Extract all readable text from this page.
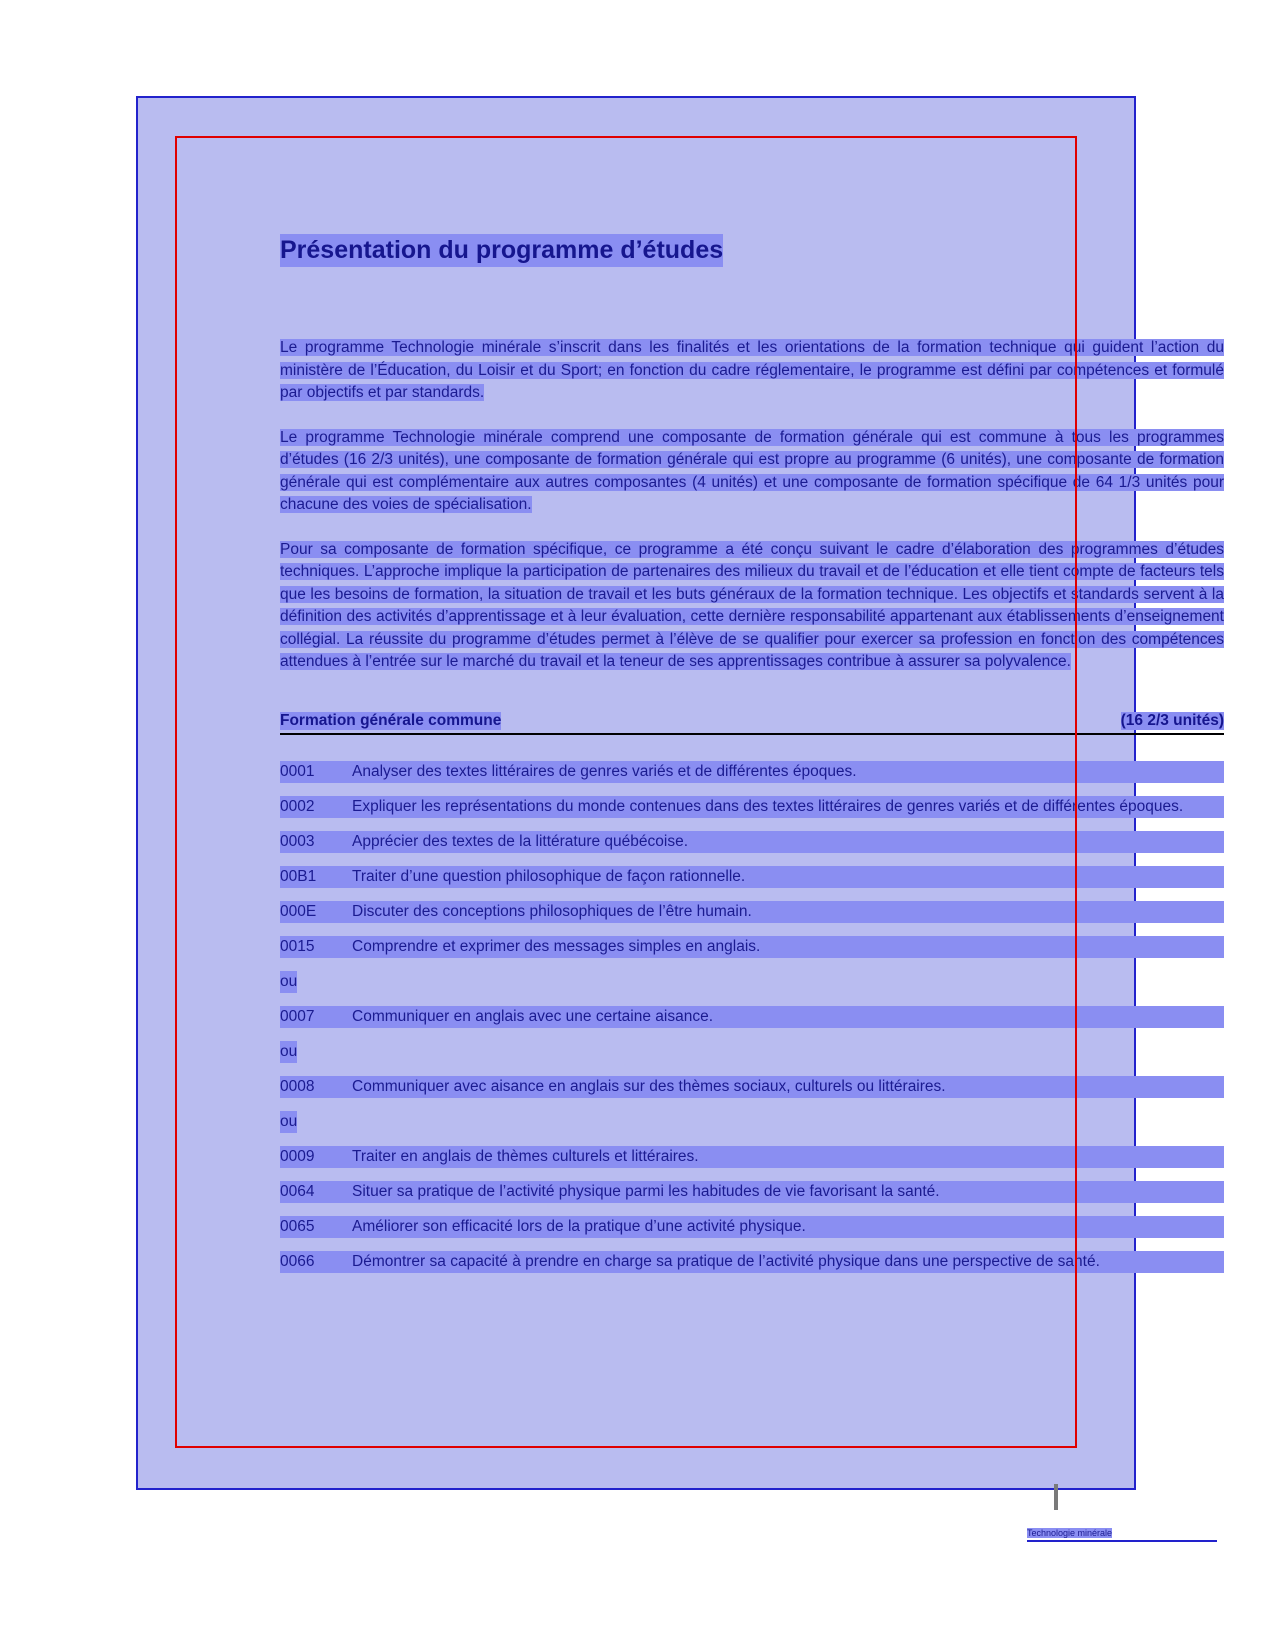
Présentation du programme d’études

Le programme Technologie minérale s’inscrit dans les finalités et les orientations de la formation technique qui guident l’action du ministère de l’Éducation, du Loisir et du Sport; en fonction du cadre réglementaire, le programme est défini par compétences et formulé par objectifs et par standards.

Le programme Technologie minérale comprend une composante de formation générale qui est commune à tous les programmes d’études (16 2/3 unités), une composante de formation générale qui est propre au programme (6 unités), une composante de formation générale qui est complémentaire aux autres composantes (4 unités) et une composante de formation spécifique de 64 1/3 unités pour chacune des voies de spécialisation.

Pour sa composante de formation spécifique, ce programme a été conçu suivant le cadre d’élaboration des programmes d’études techniques. L’approche implique la participation de partenaires des milieux du travail et de l’éducation et elle tient compte de facteurs tels que les besoins de formation, la situation de travail et les buts généraux de la formation technique. Les objectifs et standards servent à la définition des activités d’apprentissage et à leur évaluation, cette dernière responsabilité appartenant aux établissements d’enseignement collégial. La réussite du programme d’études permet à l’élève de se qualifier pour exercer sa profession en fonction des compétences attendues à l’entrée sur le marché du travail et la teneur de ses apprentissages contribue à assurer sa polyvalence.

Formation générale commune	(16 2/3 unités)
0001	Analyser des textes littéraires de genres variés et de différentes époques.
0002	Expliquer les représentations du monde contenues dans des textes littéraires de genres variés et de différentes époques.
0003	Apprécier des textes de la littérature québécoise.
00B1	Traiter d’une question philosophique de façon rationnelle.
000E	Discuter des conceptions philosophiques de l’être humain.
0015	Comprendre et exprimer des messages simples en anglais.
ou
0007	Communiquer en anglais avec une certaine aisance.
ou
0008	Communiquer avec aisance en anglais sur des thèmes sociaux, culturels ou littéraires.
ou
0009	Traiter en anglais de thèmes culturels et littéraires.
0064	Situer sa pratique de l’activité physique parmi les habitudes de vie favorisant la santé.
0065	Améliorer son efficacité lors de la pratique d’une activité physique.
0066	Démontrer sa capacité à prendre en charge sa pratique de l’activité physique dans une perspective de santé.
Technologie minérale
